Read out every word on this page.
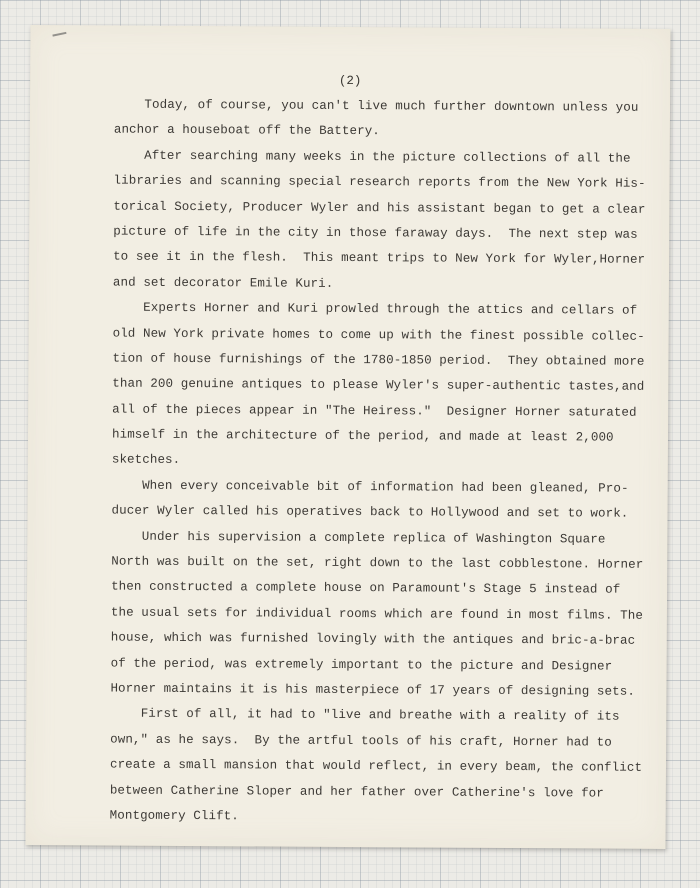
(2)
Today, of course, you can't live much further downtown unless you
anchor a houseboat off the Battery.
After searching many weeks in the picture collections of all the
libraries and scanning special research reports from the New York His-
torical Society, Producer Wyler and his assistant began to get a clear
picture of life in the city in those faraway days.  The next step was
to see it in the flesh.  This meant trips to New York for Wyler,Horner
and set decorator Emile Kuri.
Experts Horner and Kuri prowled through the attics and cellars of
old New York private homes to come up with the finest possible collec-
tion of house furnishings of the 1780-1850 period.  They obtained more
than 200 genuine antiques to please Wyler's super-authentic tastes,and
all of the pieces appear in "The Heiress."  Designer Horner saturated
himself in the architecture of the period, and made at least 2,000
sketches.
When every conceivable bit of information had been gleaned, Pro-
ducer Wyler called his operatives back to Hollywood and set to work.
Under his supervision a complete replica of Washington Square
North was built on the set, right down to the last cobblestone. Horner
then constructed a complete house on Paramount's Stage 5 instead of
the usual sets for individual rooms which are found in most films. The
house, which was furnished lovingly with the antiques and bric-a-brac
of the period, was extremely important to the picture and Designer
Horner maintains it is his masterpiece of 17 years of designing sets.
First of all, it had to "live and breathe with a reality of its
own," as he says.  By the artful tools of his craft, Horner had to
create a small mansion that would reflect, in every beam, the conflict
between Catherine Sloper and her father over Catherine's love for
Montgomery Clift.
